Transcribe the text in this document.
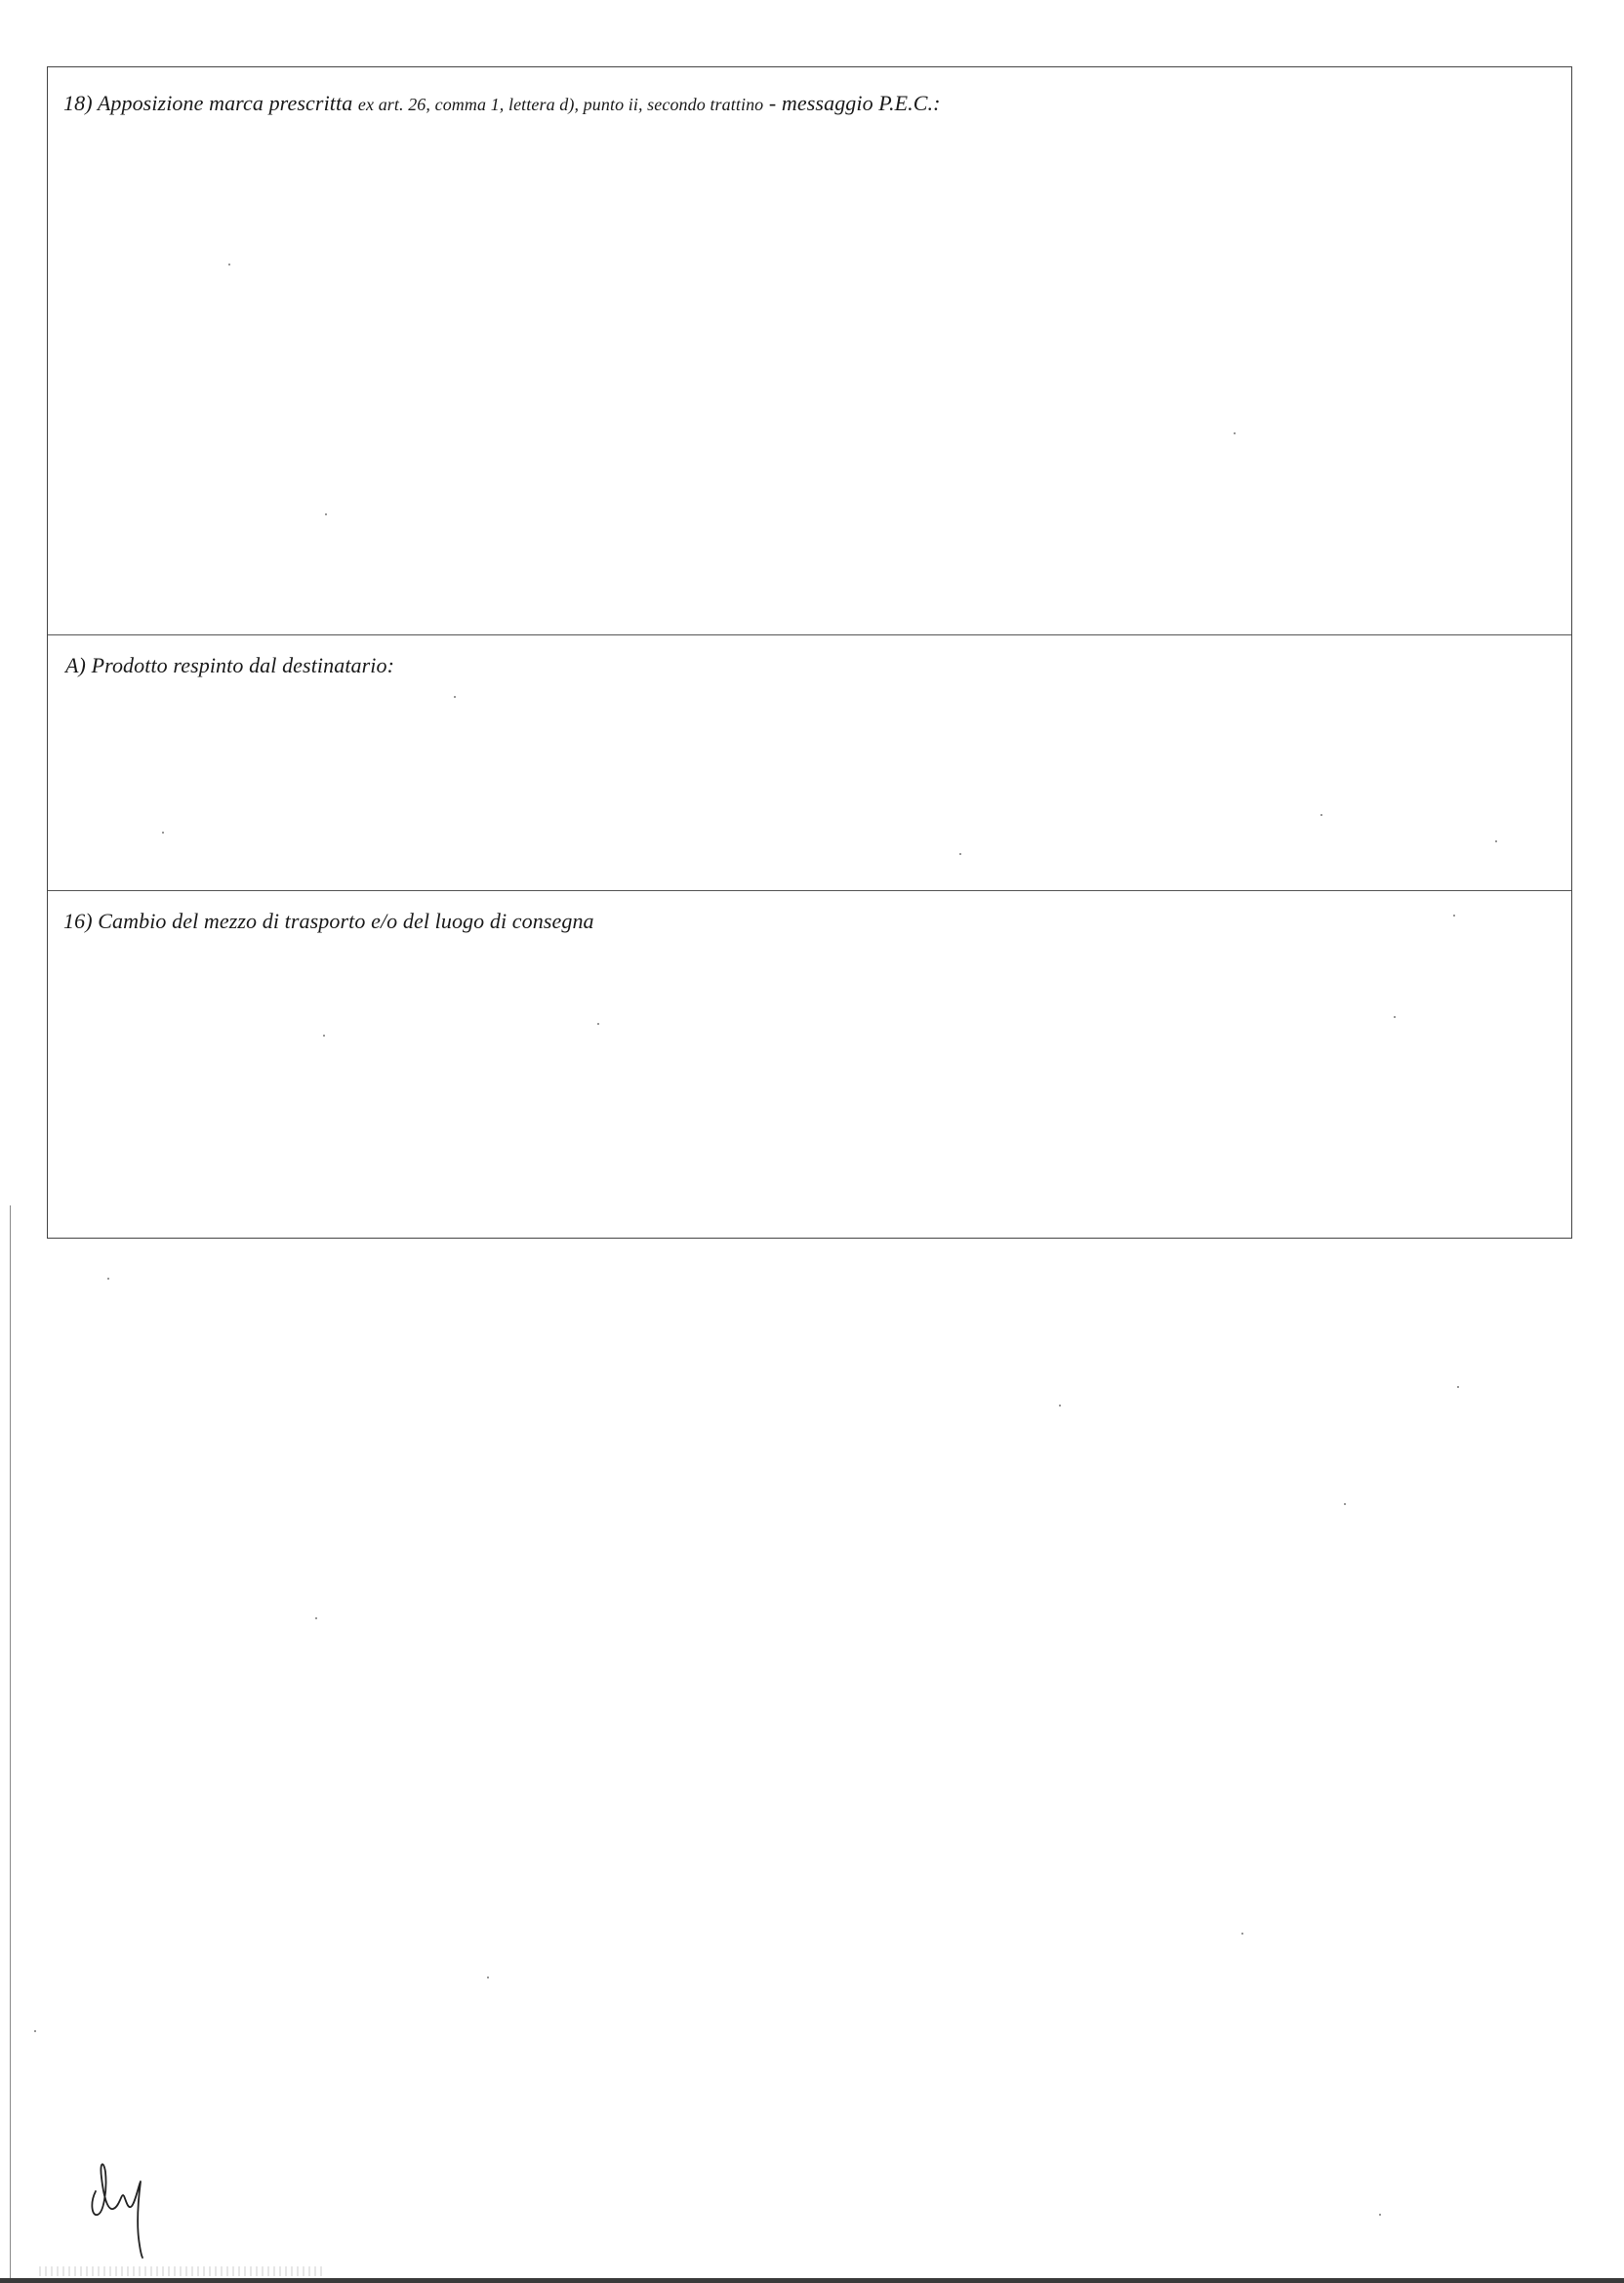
18) Apposizione marca prescritta ex art. 26, comma 1, lettera d), punto ii, secondo trattino - messaggio P.E.C.:
A) Prodotto respinto dal destinatario:
16) Cambio del mezzo di trasporto e/o del luogo di consegna
